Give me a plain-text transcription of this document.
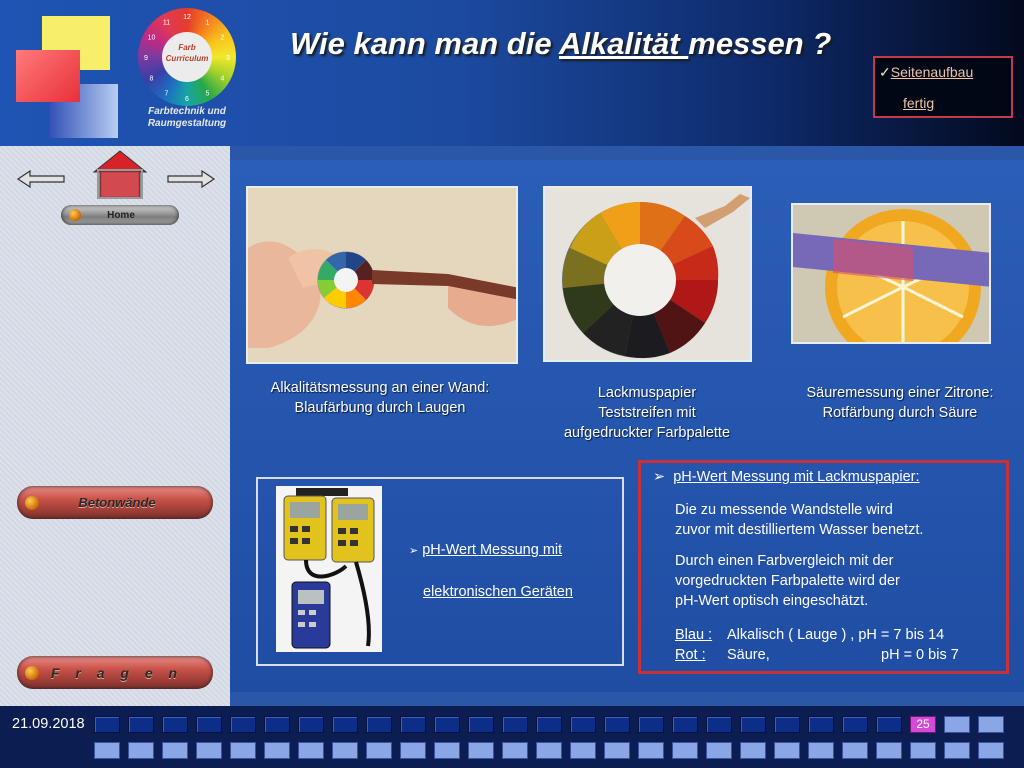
12
1
2
3
4
5
6
7
8
9
10
11
Farb
Curriculum
Farbtechnik und
Raumgestaltung
Wie kann man die Alkalität messen ?
✓Seitenaufbau
fertig
Home
Betonwände
F r a g e n
Alkalitätsmessung an einer Wand:
Blaufärbung durch Laugen
Lackmuspapier
Teststreifen mit
aufgedruckter Farbpalette
Säuremessung einer Zitrone:
Rotfärbung durch Säure
➢ pH-Wert Messung mit
elektronischen Geräten
➢ pH-Wert Messung mit Lackmuspapier:
Die zu messende Wandstelle wird
zuvor mit destilliertem Wasser benetzt.
Durch einen Farbvergleich mit der
vorgedruckten Farbpalette wird der
pH-Wert optisch eingeschätzt.
Blau :	Alkalisch ( Lauge ) , pH = 7 bis 14
Rot :	Säure,	pH = 0 bis 7
21.09.2018	25
